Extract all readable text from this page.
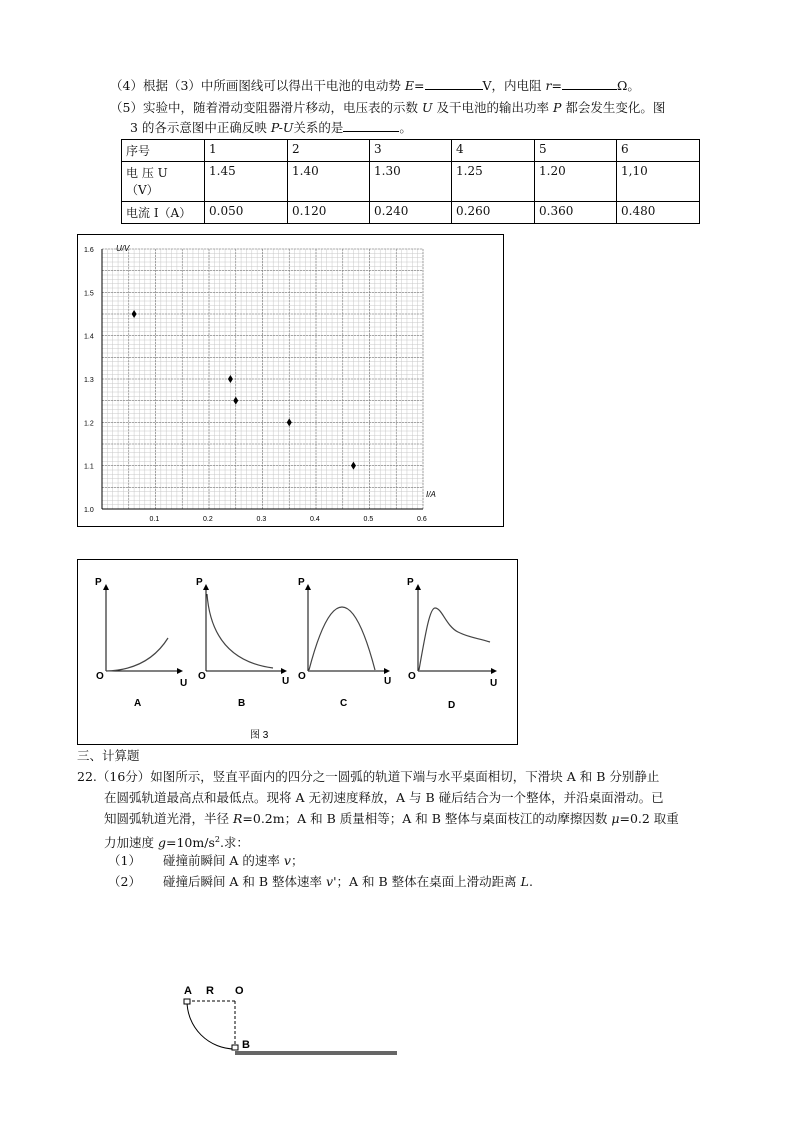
（4）根据（3）中所画图线可以得出干电池的电动势 E=	V，内电阻 r=	Ω。
（5）实验中，随着滑动变阻器滑片移动，电压表的示数 U 及干电池的输出功率 P 都会发生变化。图
3 的各示意图中正确反映 P-U关系的是	。
序号	1	2	3	4	5	6

电 压 U
（V）	1.45	1.40	1.30	1.25	1.20	1,10
电流 I（A）	0.050	0.120	0.240	0.260	0.360	0.480
U/V
I/A
0.1	0.2	0.3	0.4	0.5	0.6
1.0
1.1
1.2
1.3
1.4
1.5
1.6
P
O
U
A
P
O	U
B
P
O	U
C
P
O
U
D
图 3
三、计算题
22.（16分）如图所示，竖直平面内的四分之一圆弧的轨道下端与水平桌面相切，下滑块 A 和 B 分别静止
在圆弧轨道最高点和最低点。现将 A 无初速度释放，A 与 B 碰后结合为一个整体，并沿桌面滑动。已
知圆弧轨道光滑，半径 R=0.2m；A 和 B 质量相等；A 和 B 整体与桌面枝江的动摩擦因数 μ=0.2 取重
力加速度 $g=10m/s^2$.求：
（1） 碰撞前瞬间 A 的速率 v；
（2） 碰撞后瞬间 A 和 B 整体速率 v'；A 和 B 整体在桌面上滑动距离 L.
A R O
B
